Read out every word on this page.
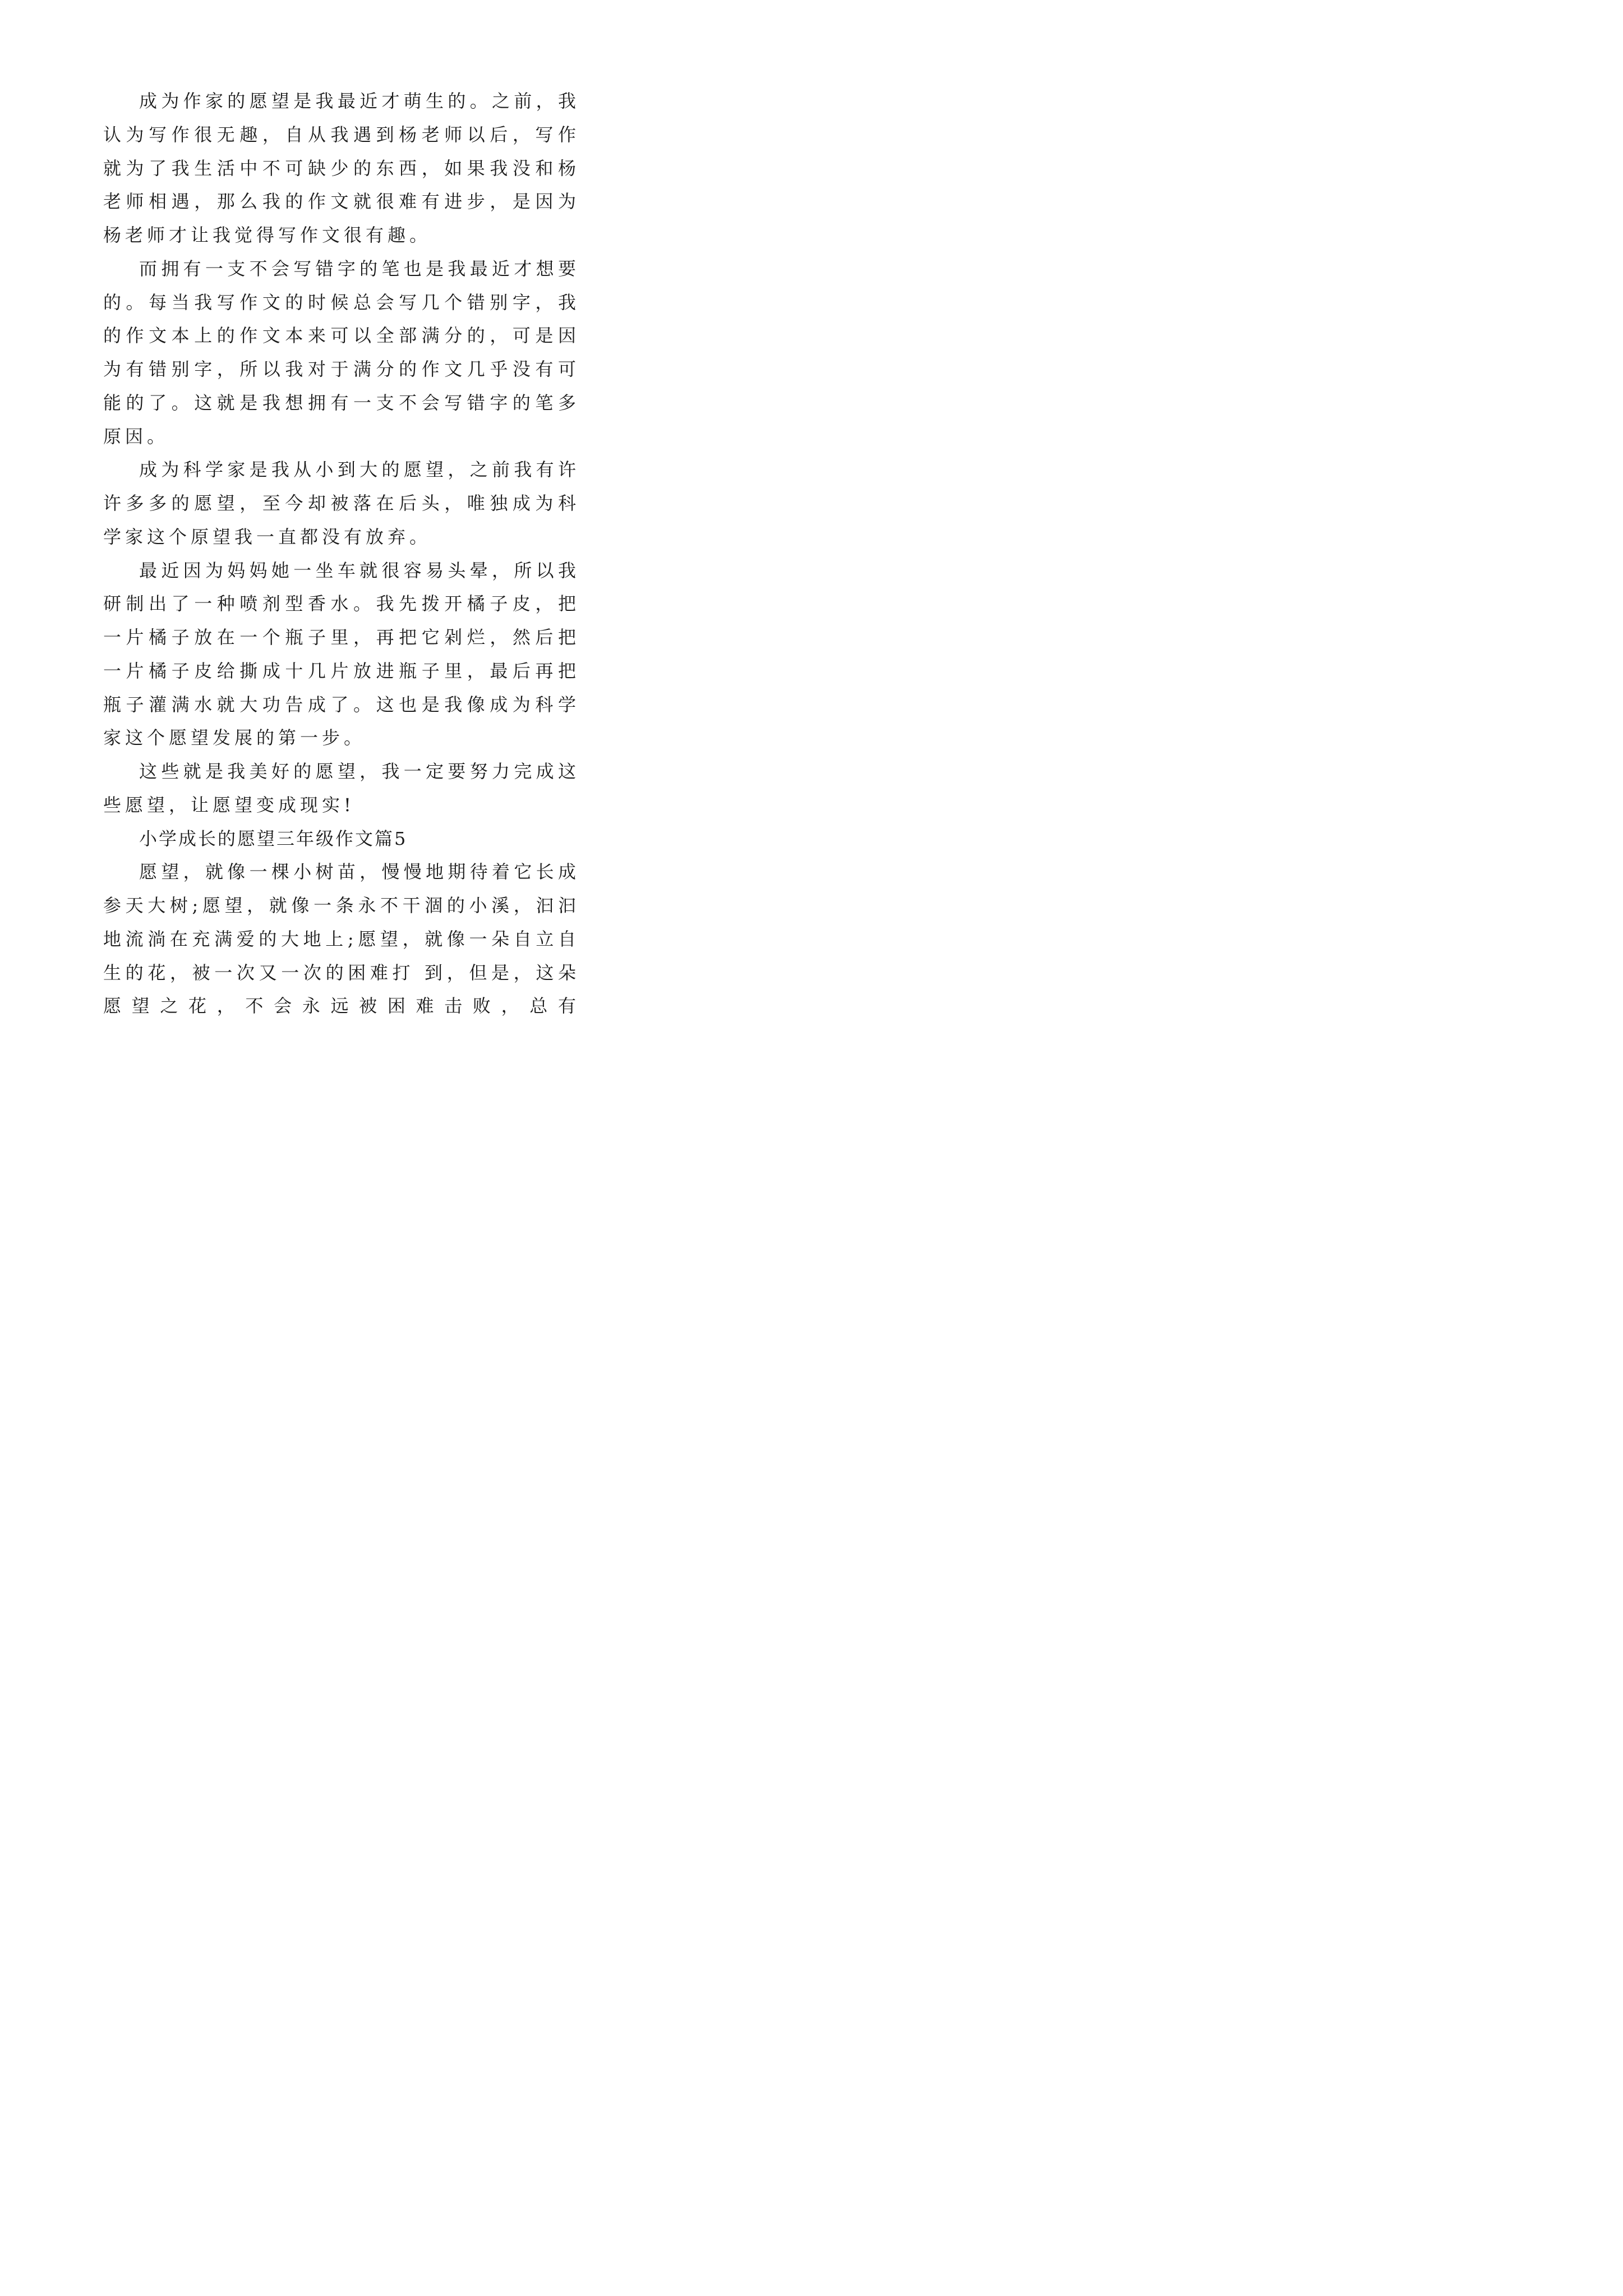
成为作家的愿望是我最近才萌生的。之前，我认为写作很无趣，自从我遇到杨老师以后，写作就为了我生活中不可缺少的东西，如果我没和杨老师相遇，那么我的作文就很难有进步，是因为杨老师才让我觉得写作文很有趣。

而拥有一支不会写错字的笔也是我最近才想要的。每当我写作文的时候总会写几个错别字，我的作文本上的作文本来可以全部满分的，可是因为有错别字，所以我对于满分的作文几乎没有可能的了。这就是我想拥有一支不会写错字的笔多原因。

成为科学家是我从小到大的愿望，之前我有许许多多的愿望，至今却被落在后头，唯独成为科学家这个原望我一直都没有放弃。

最近因为妈妈她一坐车就很容易头晕，所以我研制出了一种喷剂型香水。我先拨开橘子皮，把一片橘子放在一个瓶子里，再把它剁烂，然后把一片橘子皮给撕成十几片放进瓶子里，最后再把瓶子灌满水就大功告成了。这也是我像成为科学家这个愿望发展的第一步。

这些就是我美好的愿望，我一定要努力完成这些愿望，让愿望变成现实!

小学成长的愿望三年级作文篇5

愿望，就像一棵小树苗，慢慢地期待着它长成参天大树;愿望，就像一条永不干涸的小溪，汩汩地流淌在充满爱的大地上;愿望，就像一朵自立自生的花，被一次又一次的困难打 到，但是，这朵愿望之花，不会永远被困难击败，总有
